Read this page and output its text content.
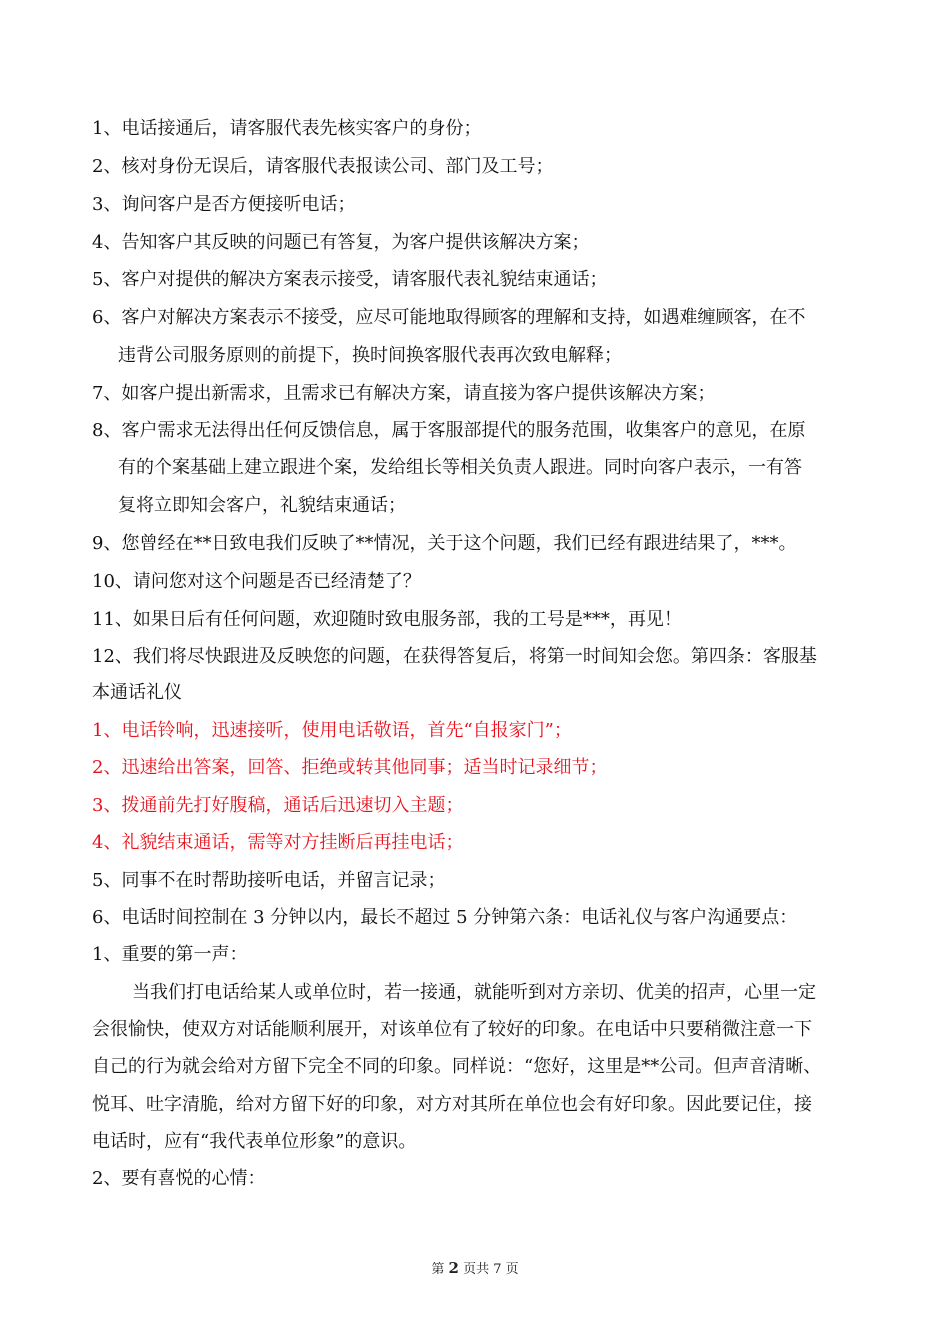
1、电话接通后，请客服代表先核实客户的身份；
2、核对身份无误后，请客服代表报读公司、部门及工号；
3、询问客户是否方便接听电话；
4、告知客户其反映的问题已有答复，为客户提供该解决方案；
5、客户对提供的解决方案表示接受，请客服代表礼貌结束通话；
6、客户对解决方案表示不接受，应尽可能地取得顾客的理解和支持，如遇难缠顾客，在不
违背公司服务原则的前提下，换时间换客服代表再次致电解释；
7、如客户提出新需求，且需求已有解决方案，请直接为客户提供该解决方案；
8、客户需求无法得出任何反馈信息，属于客服部提代的服务范围，收集客户的意见，在原
有的个案基础上建立跟进个案，发给组长等相关负责人跟进。同时向客户表示，一有答
复将立即知会客户，礼貌结束通话；
9、您曾经在**日致电我们反映了**情况，关于这个问题，我们已经有跟进结果了，***。
10、请问您对这个问题是否已经清楚了？
11、如果日后有任何问题，欢迎随时致电服务部，我的工号是***，再见！
12、我们将尽快跟进及反映您的问题，在获得答复后，将第一时间知会您。第四条：客服基
本通话礼仪
1、电话铃响，迅速接听，使用电话敬语，首先“自报家门”；
2、迅速给出答案，回答、拒绝或转其他同事；适当时记录细节；
3、拨通前先打好腹稿，通话后迅速切入主题；
4、礼貌结束通话，需等对方挂断后再挂电话；
5、同事不在时帮助接听电话，并留言记录；
6、电话时间控制在 3 分钟以内，最长不超过 5 分钟第六条：电话礼仪与客户沟通要点：
1、重要的第一声：
当我们打电话给某人或单位时，若一接通，就能听到对方亲切、优美的招声，心里一定
会很愉快，使双方对话能顺利展开，对该单位有了较好的印象。在电话中只要稍微注意一下
自己的行为就会给对方留下完全不同的印象。同样说：“您好，这里是**公司。但声音清晰、
悦耳、吐字清脆，给对方留下好的印象，对方对其所在单位也会有好印象。因此要记住，接
电话时，应有“我代表单位形象”的意识。
2、要有喜悦的心情：
第 2 页共 7 页
